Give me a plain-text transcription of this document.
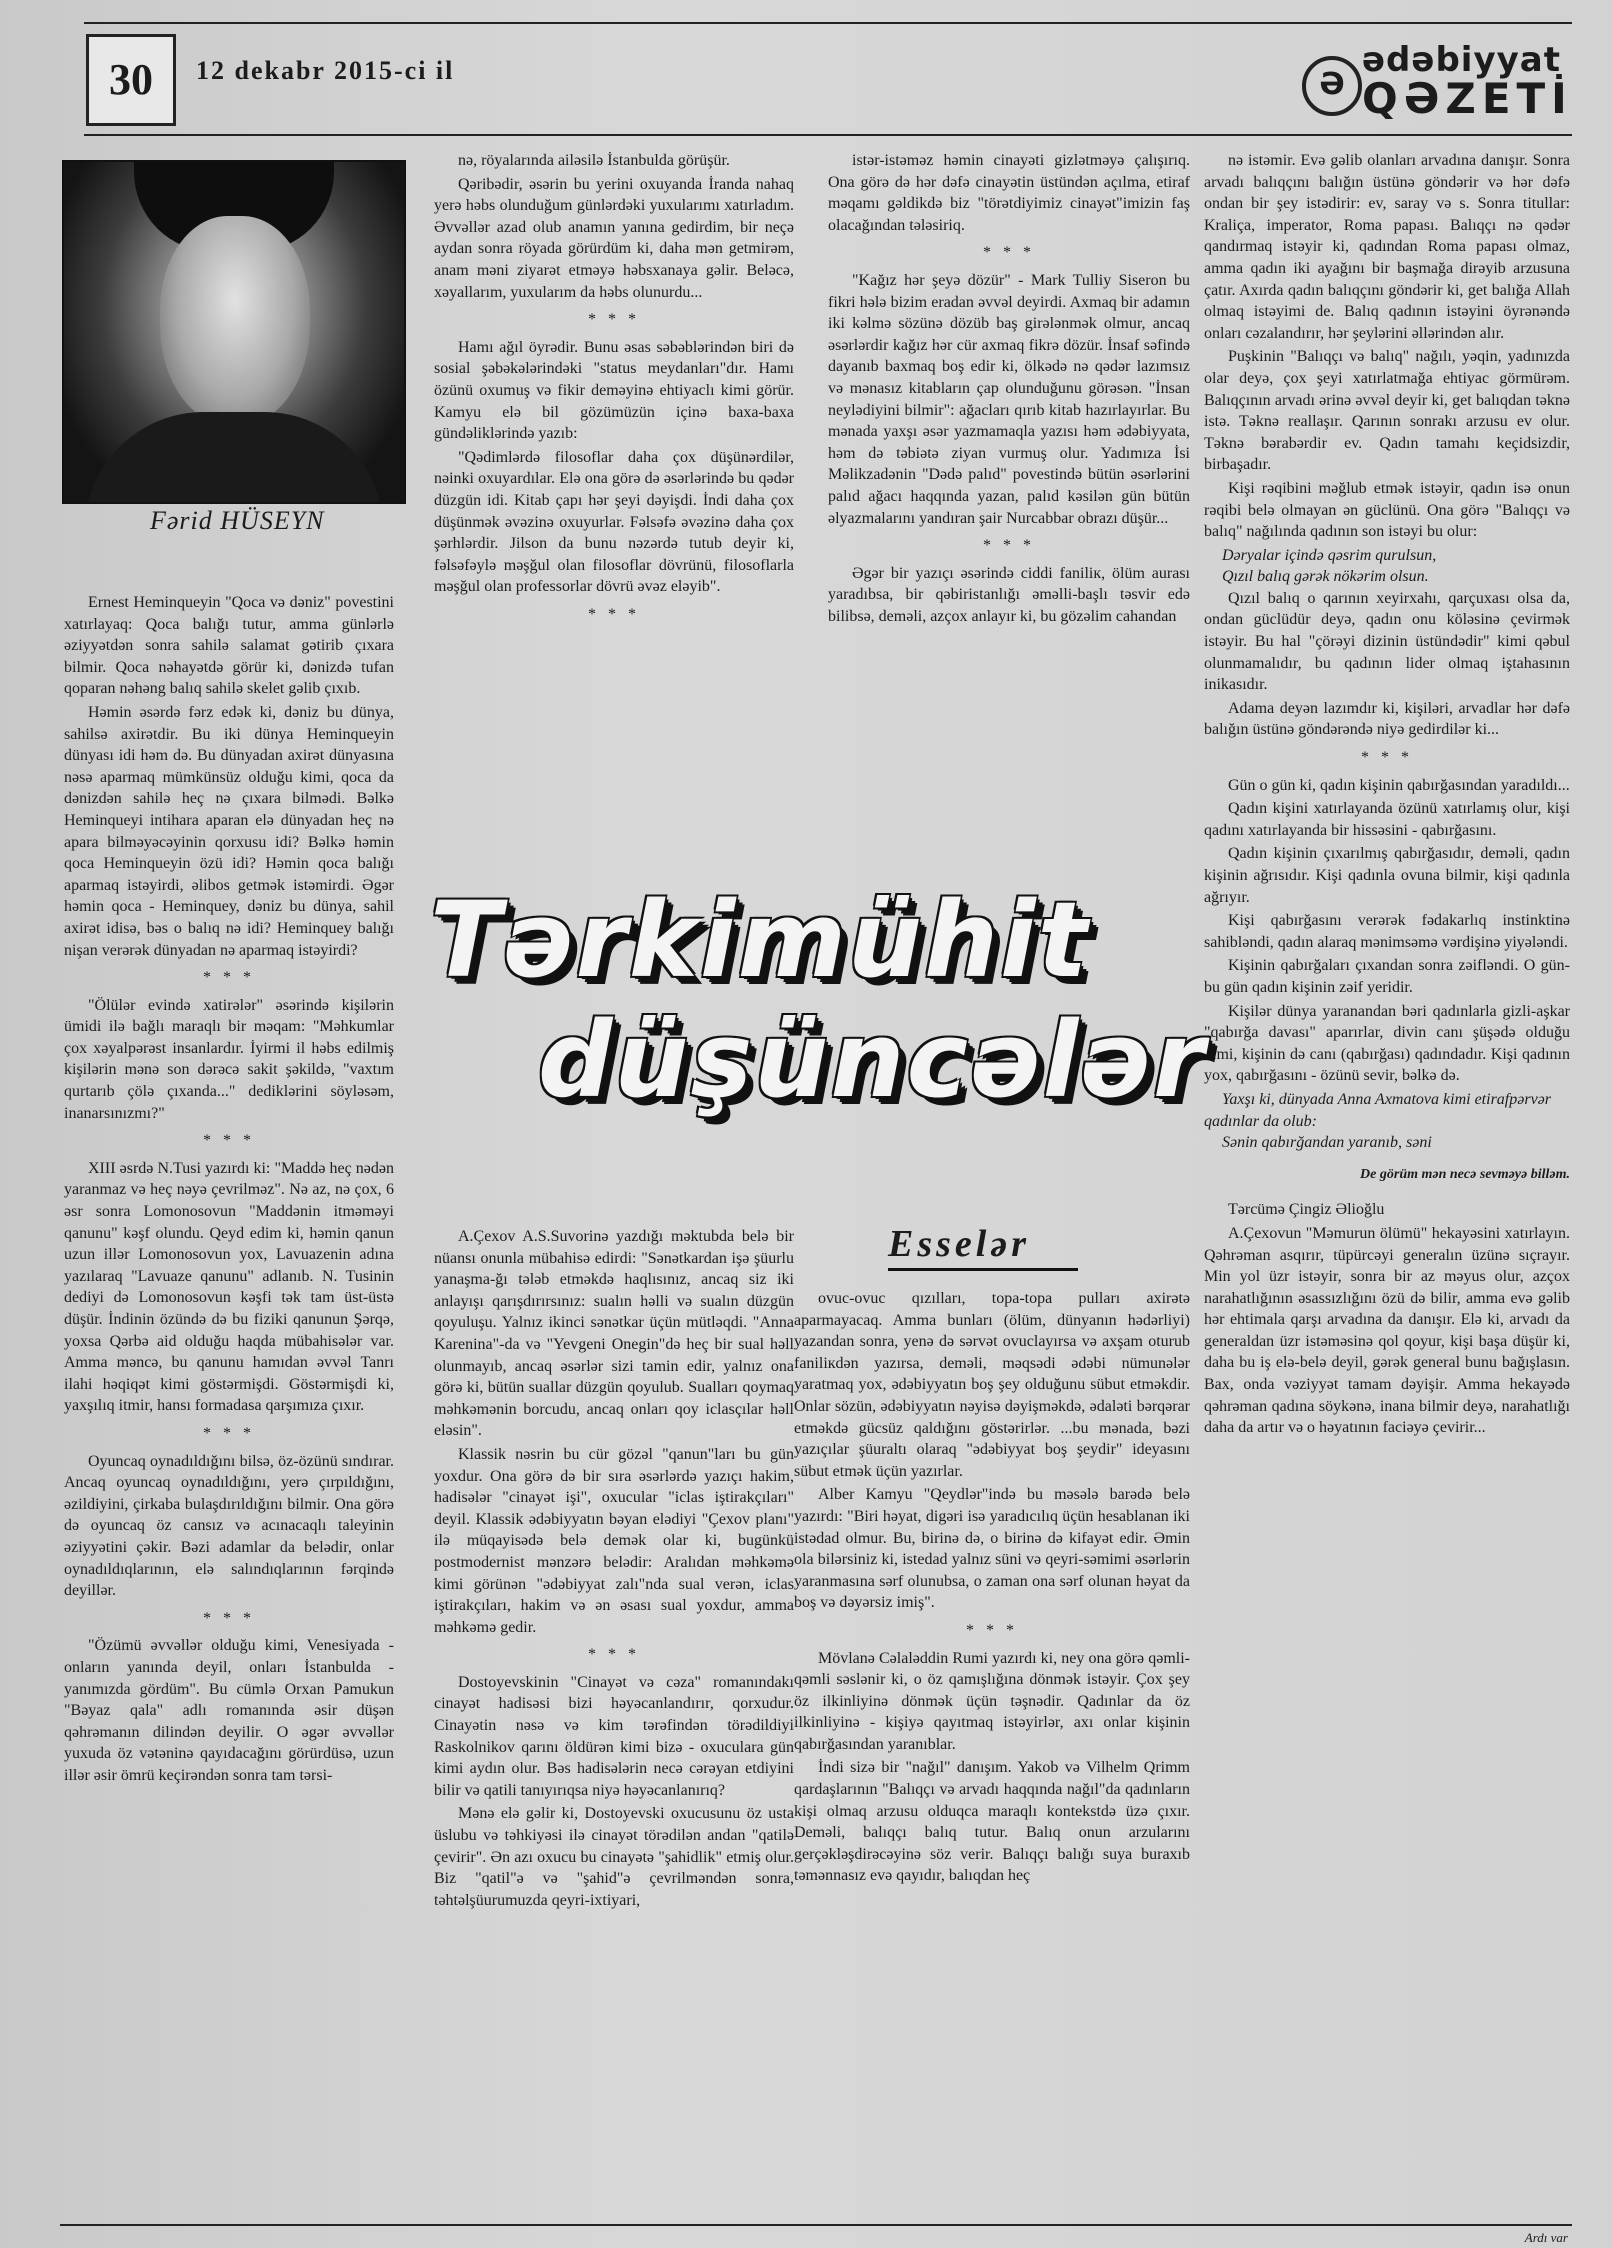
30	12 dekabr 2015-ci il	Ə
ədəbiyyat
QƏZETİ
Fərid HÜSEYN

Ernest Heminqueyin "Qoca və dəniz" povestini xatırlayaq: Qoca balığı tutur, amma günlərlə əziyyətdən sonra sahilə salamat gətirib çıxara bilmir. Qoca nəhayətdə görür ki, dənizdə tufan qoparan nəhəng balıq sahilə skelet gəlib çıxıb.

Həmin əsərdə fərz edək ki, dəniz bu dünya, sahilsə axirətdir. Bu iki dünya Heminqueyin dünyası idi həm də. Bu dünyadan axirət dünyasına nəsə aparmaq mümkünsüz olduğu kimi, qoca da dənizdən sahilə heç nə çıxara bilmədi. Bəlkə Heminqueyi intihara aparan elə dünyadan heç nə apara bilməyəcəyinin qorxusu idi? Bəlkə həmin qoca Heminqueyin özü idi? Həmin qoca balığı aparmaq istəyirdi, əlibos getmək istəmirdi. Əgər həmin qoca - Heminquey, dəniz bu dünya, sahil axirət idisə, bəs o balıq nə idi? Heminquey balığı nişan verərək dünyadan nə aparmaq istəyirdi?

* * *

"Ölülər evində xatirələr" əsərində kişilərin ümidi ilə bağlı maraqlı bir məqam: "Məhkumlar çox xəyalpərəst insanlardır. İyirmi il həbs edilmiş kişilərin mənə son dərəcə sakit şəkildə, "vaxtım qurtarıb çölə çıxanda..." dediklərini söyləsəm, inanarsınızmı?"

* * *

XIII əsrdə N.Tusi yazırdı ki: "Maddə heç nədən yaranmaz və heç nəyə çevrilməz". Nə az, nə çox, 6 əsr sonra Lomonosovun "Maddənin itməməyi qanunu" kəşf olundu. Qeyd edim ki, həmin qanun uzun illər Lomonosovun yox, Lavuazenin adına yazılaraq "Lavuaze qanunu" adlanıb. N. Tusinin dediyi də Lomonosovun kəşfi tək tam üst-üstə düşür. İndinin özündə də bu fiziki qanunun Şərqə, yoxsa Qərbə aid olduğu haqda mübahisələr var. Amma məncə, bu qanunu hamıdan əvvəl Tanrı ilahi həqiqət kimi göstərmişdi. Göstərmişdi ki, yaxşılıq itmir, hansı formadasa qarşımıza çıxır.

* * *

Oyuncaq oynadıldığını bilsə, öz-özünü sındırar. Ancaq oyuncaq oynadıldığını, yerə çırpıldığını, əzildiyini, çirkaba bulaşdırıldığını bilmir. Ona görə də oyuncaq öz cansız və acınacaqlı taleyinin əziyyətini çəkir. Bəzi adamlar da belədir, onlar oynadıldıqlarının, elə salındıqlarının fərqində deyillər.

* * *

"Özümü əvvəllər olduğu kimi, Venesiyada - onların yanında deyil, onları İstanbulda - yanımızda gördüm". Bu cümlə Orxan Pamukun "Bəyaz qala" adlı romanında əsir düşən qəhrəmanın dilindən deyilir. O əgər əvvəllər yuxuda öz vətəninə qayıdacağını görürdüsə, uzun illər əsir ömrü keçirəndən sonra tam tərsi-

nə, röyalarında ailəsilə İstanbulda görüşür.

Qəribədir, əsərin bu yerini oxuyanda İranda nahaq yerə həbs olunduğum günlərdəki yuxularımı xatırladım. Əvvəllər azad olub anamın yanına gedirdim, bir neçə aydan sonra röyada görürdüm ki, daha mən getmirəm, anam məni ziyarət etməyə həbsxanaya gəlir. Beləcə, xəyallarım, yuxularım da həbs olunurdu...

* * *

Hamı ağıl öyrədir. Bunu əsas səbəblərindən biri də sosial şəbəkələrindəki "status meydanları"dır. Hamı özünü oxumuş və fikir deməyinə ehtiyaclı kimi görür. Kamyu elə bil gözümüzün içinə baxa-baxa gündəliklərində yazıb:

"Qədimlərdə filosoflar daha çox düşünərdilər, nəinki oxuyardılar. Elə ona görə də əsərlərində bu qədər düzgün idi. Kitab çapı hər şeyi dəyişdi. İndi daha çox düşünmək əvəzinə oxuyurlar. Fəlsəfə əvəzinə daha çox şərhlərdir. Jilson da bunu nəzərdə tutub deyir ki, fəlsəfəylə məşğul olan filosoflar dövrünü, filosoflarla məşğul olan professorlar dövrü əvəz eləyib".

* * *

istər-istəməz həmin cinayəti gizlətməyə çalışırıq. Ona görə də hər dəfə cinayətin üstündən açılma, etiraf məqamı gəldikdə biz "törətdiyimiz cinayət"imizin faş olacağından tələsiriq.

* * *

"Kağız hər şeyə dözür" - Mark Tulliy Siseron bu fikri hələ bizim eradan əvvəl deyirdi. Axmaq bir adamın iki kəlmə sözünə dözüb baş girələnmək olmur, ancaq əsərlərdir kağız hər cür axmaq fikrə dözür. İnsaf səfində dayanıb baxmaq boş edir ki, ölkədə nə qədər lazımsız və mənasız kitabların çap olunduğunu görəsən. "İnsan neylədiyini bilmir": ağacları qırıb kitab hazırlayırlar. Bu mənada yaxşı əsər yazmamaqla yazısı həm ədəbiyyata, həm də təbiətə ziyan vurmuş olur. Yadımıza İsi Məlikzadənin "Dədə palıd" povestində bütün əsərlərini palıd ağacı haqqında yazan, palıd kəsilən gün bütün əlyazmalarını yandıran şair Nurcabbar obrazı düşür...

* * *

Əgər bir yazıçı əsərində ciddi faniliк, ölüm aurası yaradıbsa, bir qəbiristanlığı əməlli-başlı təsvir edə bilibsə, deməli, azçox anlayır ki, bu gözəlim cahandan

nə istəmir. Evə gəlib olanları arvadına danışır. Sonra arvadı balıqçını balığın üstünə göndərir və hər dəfə ondan bir şey istədirir: ev, saray və s. Sonra titullar: Kraliça, imperator, Roma papası. Balıqçı nə qədər qandırmaq istəyir ki, qadından Roma papası olmaz, amma qadın iki ayağını bir başmağa dirəyib arzusuna çatır. Axırda qadın balıqçını göndərir ki, get balığa Allah olmaq istəyimi de. Balıq qadının istəyini öyrənəndə onları cəzalandırır, hər şeylərini əllərindən alır.

Puşkinin "Balıqçı və balıq" nağılı, yəqin, yadınızda olar deyə, çox şeyi xatırlatmağa ehtiyac görmürəm. Balıqçının arvadı ərinə əvvəl deyir ki, get balıqdan təknə istə. Təknə reallaşır. Qarının sonrakı arzusu ev olur. Təknə bərabərdir ev. Qadın tamahı keçidsizdir, birbaşadır.

Kişi rəqibini məğlub etmək istəyir, qadın isə onun rəqibi belə olmayan ən güclünü. Ona görə "Balıqçı və balıq" nağılında qadının son istəyi bu olur:

Dəryalar içində qəsrim qurulsun,

Qızıl balıq gərək nökərim olsun.

Qızıl balıq o qarının xeyirxahı, qarçuxası olsa da, ondan güclüdür deyə, qadın onu köləsinə çevirmək istəyir. Bu hal "çörəyi dizinin üstündədir" kimi qəbul olunmamalıdır, bu qadının lider olmaq iştahasının inikasıdır.

Adama deyən lazımdır ki, kişiləri, arvadlar hər dəfə balığın üstünə göndərəndə niyə gedirdilər ki...

* * *

Gün o gün ki, qadın kişinin qabırğasından yaradıldı...

Qadın kişini xatırlayanda özünü xatırlamış olur, kişi qadını xatırlayanda bir hissəsini - qabırğasını.

Qadın kişinin çıxarılmış qabırğasıdır, deməli, qadın kişinin ağrısıdır. Kişi qadınla ovuna bilmir, kişi qadınla ağrıyır.

Kişi qabırğasını verərək fədakarlıq instinktinə sahibləndi, qadın alaraq mənimsəmə vərdişinə yiyələndi.

Kişinin qabırğaları çıxandan sonra zəifləndi. O gün-bu gün qadın kişinin zəif yeridir.

Kişilər dünya yaranandan bəri qadınlarla gizli-aşkar "qabırğa davası" aparırlar, divin canı şüşədə olduğu kimi, kişinin də canı (qabırğası) qadındadır. Kişi qadının yox, qabırğasını - özünü sevir, bəlkə də.

Yaxşı ki, dünyada Anna Axmatova kimi etirafpərvər qadınlar da olub:

Sənin qabırğandan yaranıb, səni

De görüm mən necə sevməyə billəm.

Tərcümə Çingiz Əlioğlu

A.Çexovun "Məmurun ölümü" hekayəsini xatırlayın. Qəhrəman asqırır, tüpürcəyi generalın üzünə sıçrayır. Min yol üzr istəyir, sonra bir az məyus olur, azçox narahatlığının əsassızlığını özü də bilir, amma evə gəlib hər ehtimala qarşı arvadına da danışır. Elə ki, arvadı da generaldan üzr istəməsinə qol qoyur, kişi başa düşür ki, daha bu iş elə-belə deyil, gərək general bunu bağışlasın. Bax, onda vəziyyət tamam dəyişir. Amma hekayədə qəhrəman qadına söykənə, inana bilmir deyə, narahatlığı daha da artır və o həyatının faciəyə çevirir...

Tərkimühit
düşüncələr
Esselər

A.Çexov A.S.Suvorinə yazdığı məktubda belə bir nüansı onunla mübahisə edirdi: "Sənətkardan işə şüurlu yanaşma-ğı tələb etməkdə haqlısınız, ancaq siz iki anlayışı qarışdırırsınız: sualın həlli və sualın düzgün qoyuluşu. Yalnız ikinci sənətkar üçün mütləqdi. "Anna Karenina"-da və "Yevgeni Onegin"də heç bir sual həll olunmayıb, ancaq əsərlər sizi tamin edir, yalnız ona görə ki, bütün suallar düzgün qoyulub. Sualları qoymaq məhkəmənin borcudu, ancaq onları qoy iclasçılar həll eləsin".

Klassik nəsrin bu cür gözəl "qanun"ları bu gün yoxdur. Ona görə də bir sıra əsərlərdə yazıçı hakim, hadisələr "cinayət işi", oxucular "iclas iştirakçıları" deyil. Klassik ədəbiyyatın bəyan elədiyi "Çexov planı" ilə müqayisədə belə demək olar ki, bugünkü postmodernist mənzərə belədir: Aralıdan məhkəmə kimi görünən "ədəbiyyat zalı"nda sual verən, iclas iştirakçıları, hakim və ən əsası sual yoxdur, amma məhkəmə gedir.

* * *

Dostoyevskinin "Cinayət və cəza" romanındakı cinayət hadisəsi bizi həyəcanlandırır, qorxudur. Cinayətin nəsə və kim tərəfindən törədildiyi Raskolnikov qarını öldürən kimi bizə - oxuculara gün kimi aydın olur. Bəs hadisələrin necə cərəyan etdiyini bilir və qatili tanıyırıqsa niyə həyəcanlanırıq?

Mənə elə gəlir ki, Dostoyevski oxucusunu öz usta üslubu və təhkiyəsi ilə cinayət törədilən andan "qatilə çevirir". Ən azı oxucu bu cinayətə "şahidlik" etmiş olur. Biz "qatil"ə və "şahid"ə çevrilməndən sonra, təhtəlşüurumuzda qeyri-ixtiyari,

ovuc-ovuc qızılları, topa-topa pulları axirətə aparmayacaq. Amma bunları (ölüm, dünyanın hədərliyi) yazandan sonra, yenə də sərvət ovuclayırsa və axşam oturub faniliкdən yazırsa, deməli, məqsədi ədəbi nümunələr yaratmaq yox, ədəbiyyatın boş şey olduğunu sübut etməkdir. Onlar sözün, ədəbiyyatın nəyisə dəyişməkdə, ədaləti bərqərar etməkdə gücsüz qaldığını göstərirlər. ...bu mənada, bəzi yazıçılar şüuraltı olaraq "ədəbiyyat boş şeydir" ideyasını sübut etmək üçün yazırlar.

Alber Kamyu "Qeydlər"ində bu məsələ barədə belə yazırdı: "Biri həyat, digəri isə yaradıcılıq üçün hesablanan iki istədad olmur. Bu, birinə də, o birinə də kifayət edir. Əmin ola bilərsiniz ki, istedad yalnız süni və qeyri-səmimi əsərlərin yaranmasına sərf olunubsa, o zaman ona sərf olunan həyat da boş və dəyərsiz imiş".

* * *

Mövlanə Cəlaləddin Rumi yazırdı ki, ney ona görə qəmli-qəmli səslənir ki, o öz qamışlığına dönmək istəyir. Çox şey öz ilkinliyinə dönmək üçün təşnədir. Qadınlar da öz ilkinliyinə - kişiyə qayıtmaq istəyirlər, axı onlar kişinin qabırğasından yaranıblar.

İndi sizə bir "nağıl" danışım. Yakob və Vilhelm Qrimm qardaşlarının "Balıqçı və arvadı haqqında nağıl"da qadınların kişi olmaq arzusu olduqca maraqlı kontekstdə üzə çıxır. Deməli, balıqçı balıq tutur. Balıq onun arzularını gerçəkləşdirəcəyinə söz verir. Balıqçı balığı suya buraxıb təmənnasız evə qayıdır, balıqdan heç

Ardı var
